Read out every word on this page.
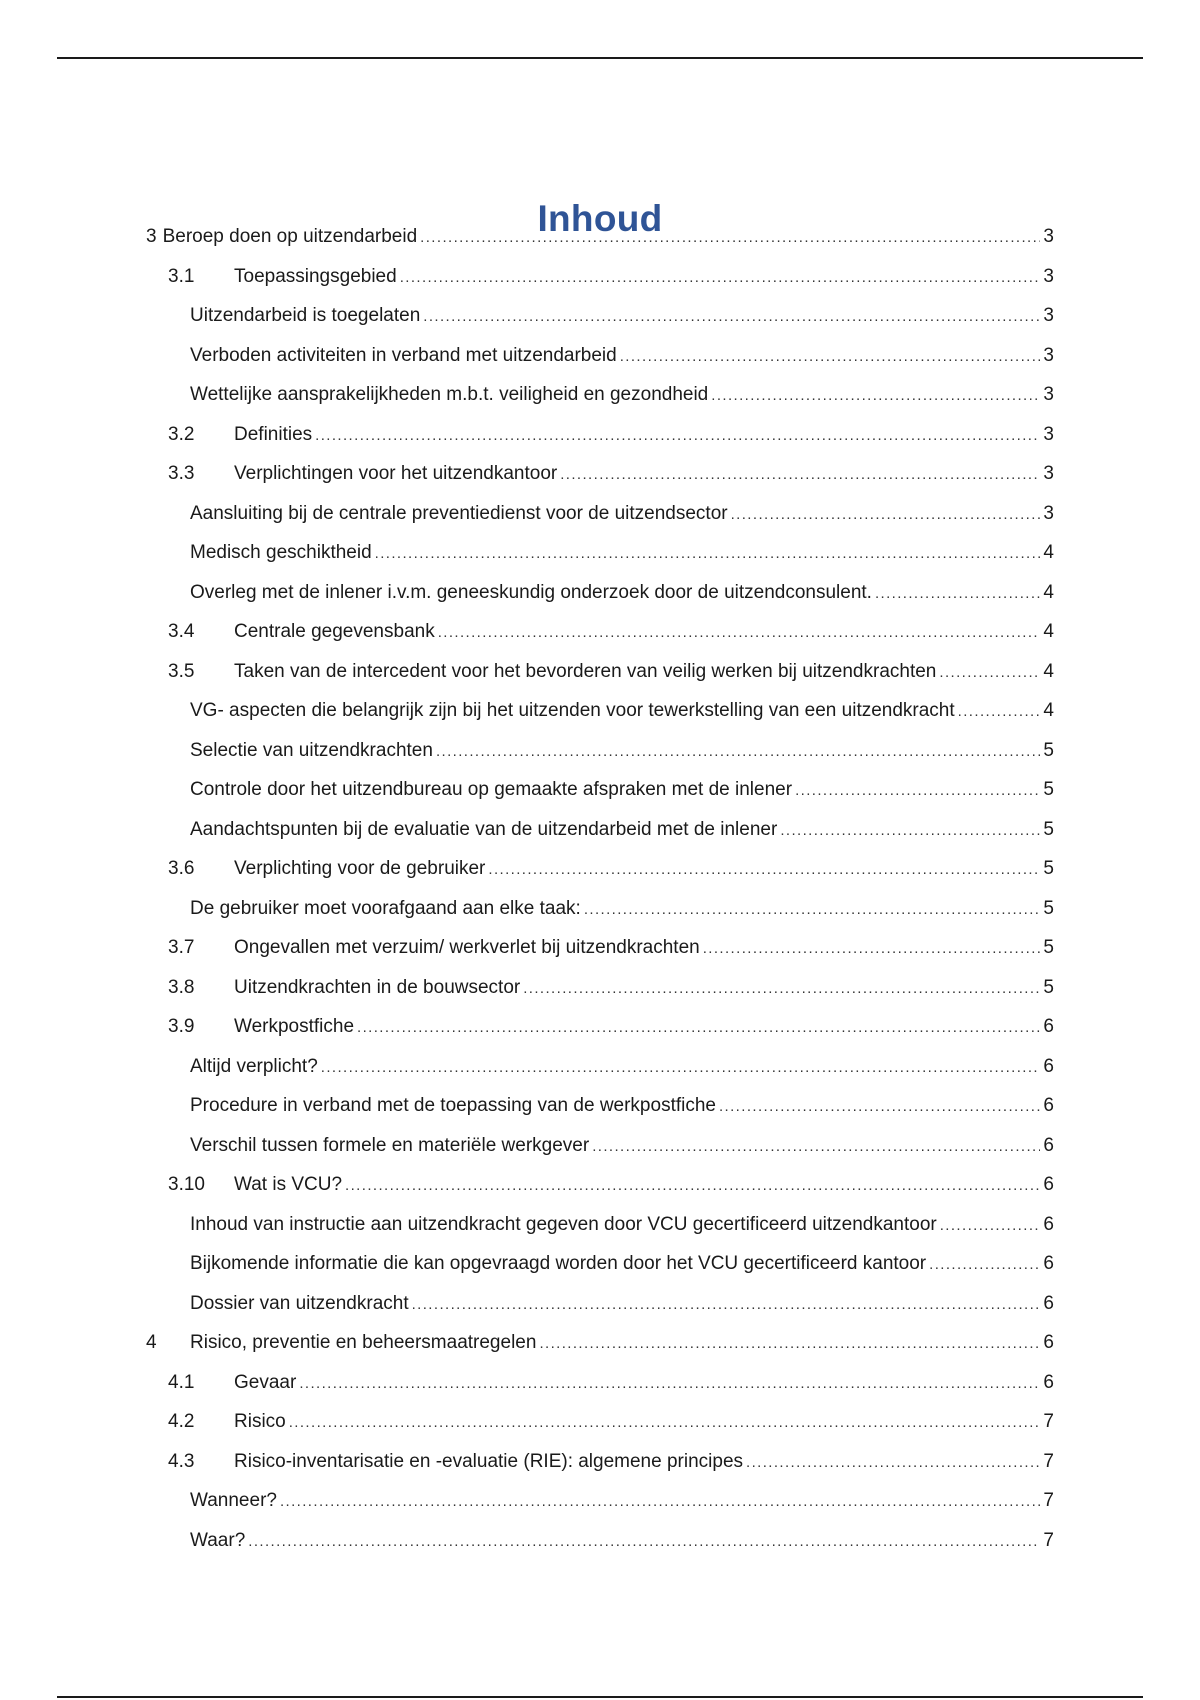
Inhoud
3 Beroep doen op uitzendarbeid .....	3
3.1	Toepassingsgebied .....	3
Uitzendarbeid is toegelaten .....	3
Verboden activiteiten in verband met uitzendarbeid .....	3
Wettelijke aansprakelijkheden m.b.t. veiligheid en gezondheid .....	3
3.2	Definities .....	3
3.3	Verplichtingen voor het uitzendkantoor .....	3
Aansluiting bij de centrale preventiedienst voor de uitzendsector .....	3
Medisch geschiktheid .....	4
Overleg met de inlener i.v.m. geneeskundig onderzoek door de uitzendconsulent. .....	4
3.4	Centrale gegevensbank .....	4
3.5	Taken van de intercedent voor het bevorderen van veilig werken bij uitzendkrachten .....	4
VG- aspecten die belangrijk zijn bij het uitzenden voor tewerkstelling van een uitzendkracht .....	4
Selectie van uitzendkrachten .....	5
Controle door het uitzendbureau op gemaakte afspraken met de inlener .....	5
Aandachtspunten bij de evaluatie van de uitzendarbeid met de inlener .....	5
3.6	Verplichting voor de gebruiker .....	5
De gebruiker moet voorafgaand aan elke taak: .....	5
3.7	Ongevallen met verzuim/ werkverlet bij uitzendkrachten .....	5
3.8	Uitzendkrachten in de bouwsector .....	5
3.9	Werkpostfiche .....	6
Altijd verplicht? .....	6
Procedure in verband met de toepassing van de werkpostfiche .....	6
Verschil tussen formele en materiële werkgever .....	6
3.10	Wat is VCU? .....	6
Inhoud van instructie aan uitzendkracht gegeven door VCU gecertificeerd uitzendkantoor .....	6
Bijkomende informatie die kan opgevraagd worden door het VCU gecertificeerd kantoor .....	6
Dossier van uitzendkracht .....	6
4	Risico, preventie en beheersmaatregelen .....	6
4.1	Gevaar .....	6
4.2	Risico .....	7
4.3	Risico-inventarisatie en -evaluatie (RIE): algemene principes .....	7
Wanneer? .....	7
Waar? .....	7
